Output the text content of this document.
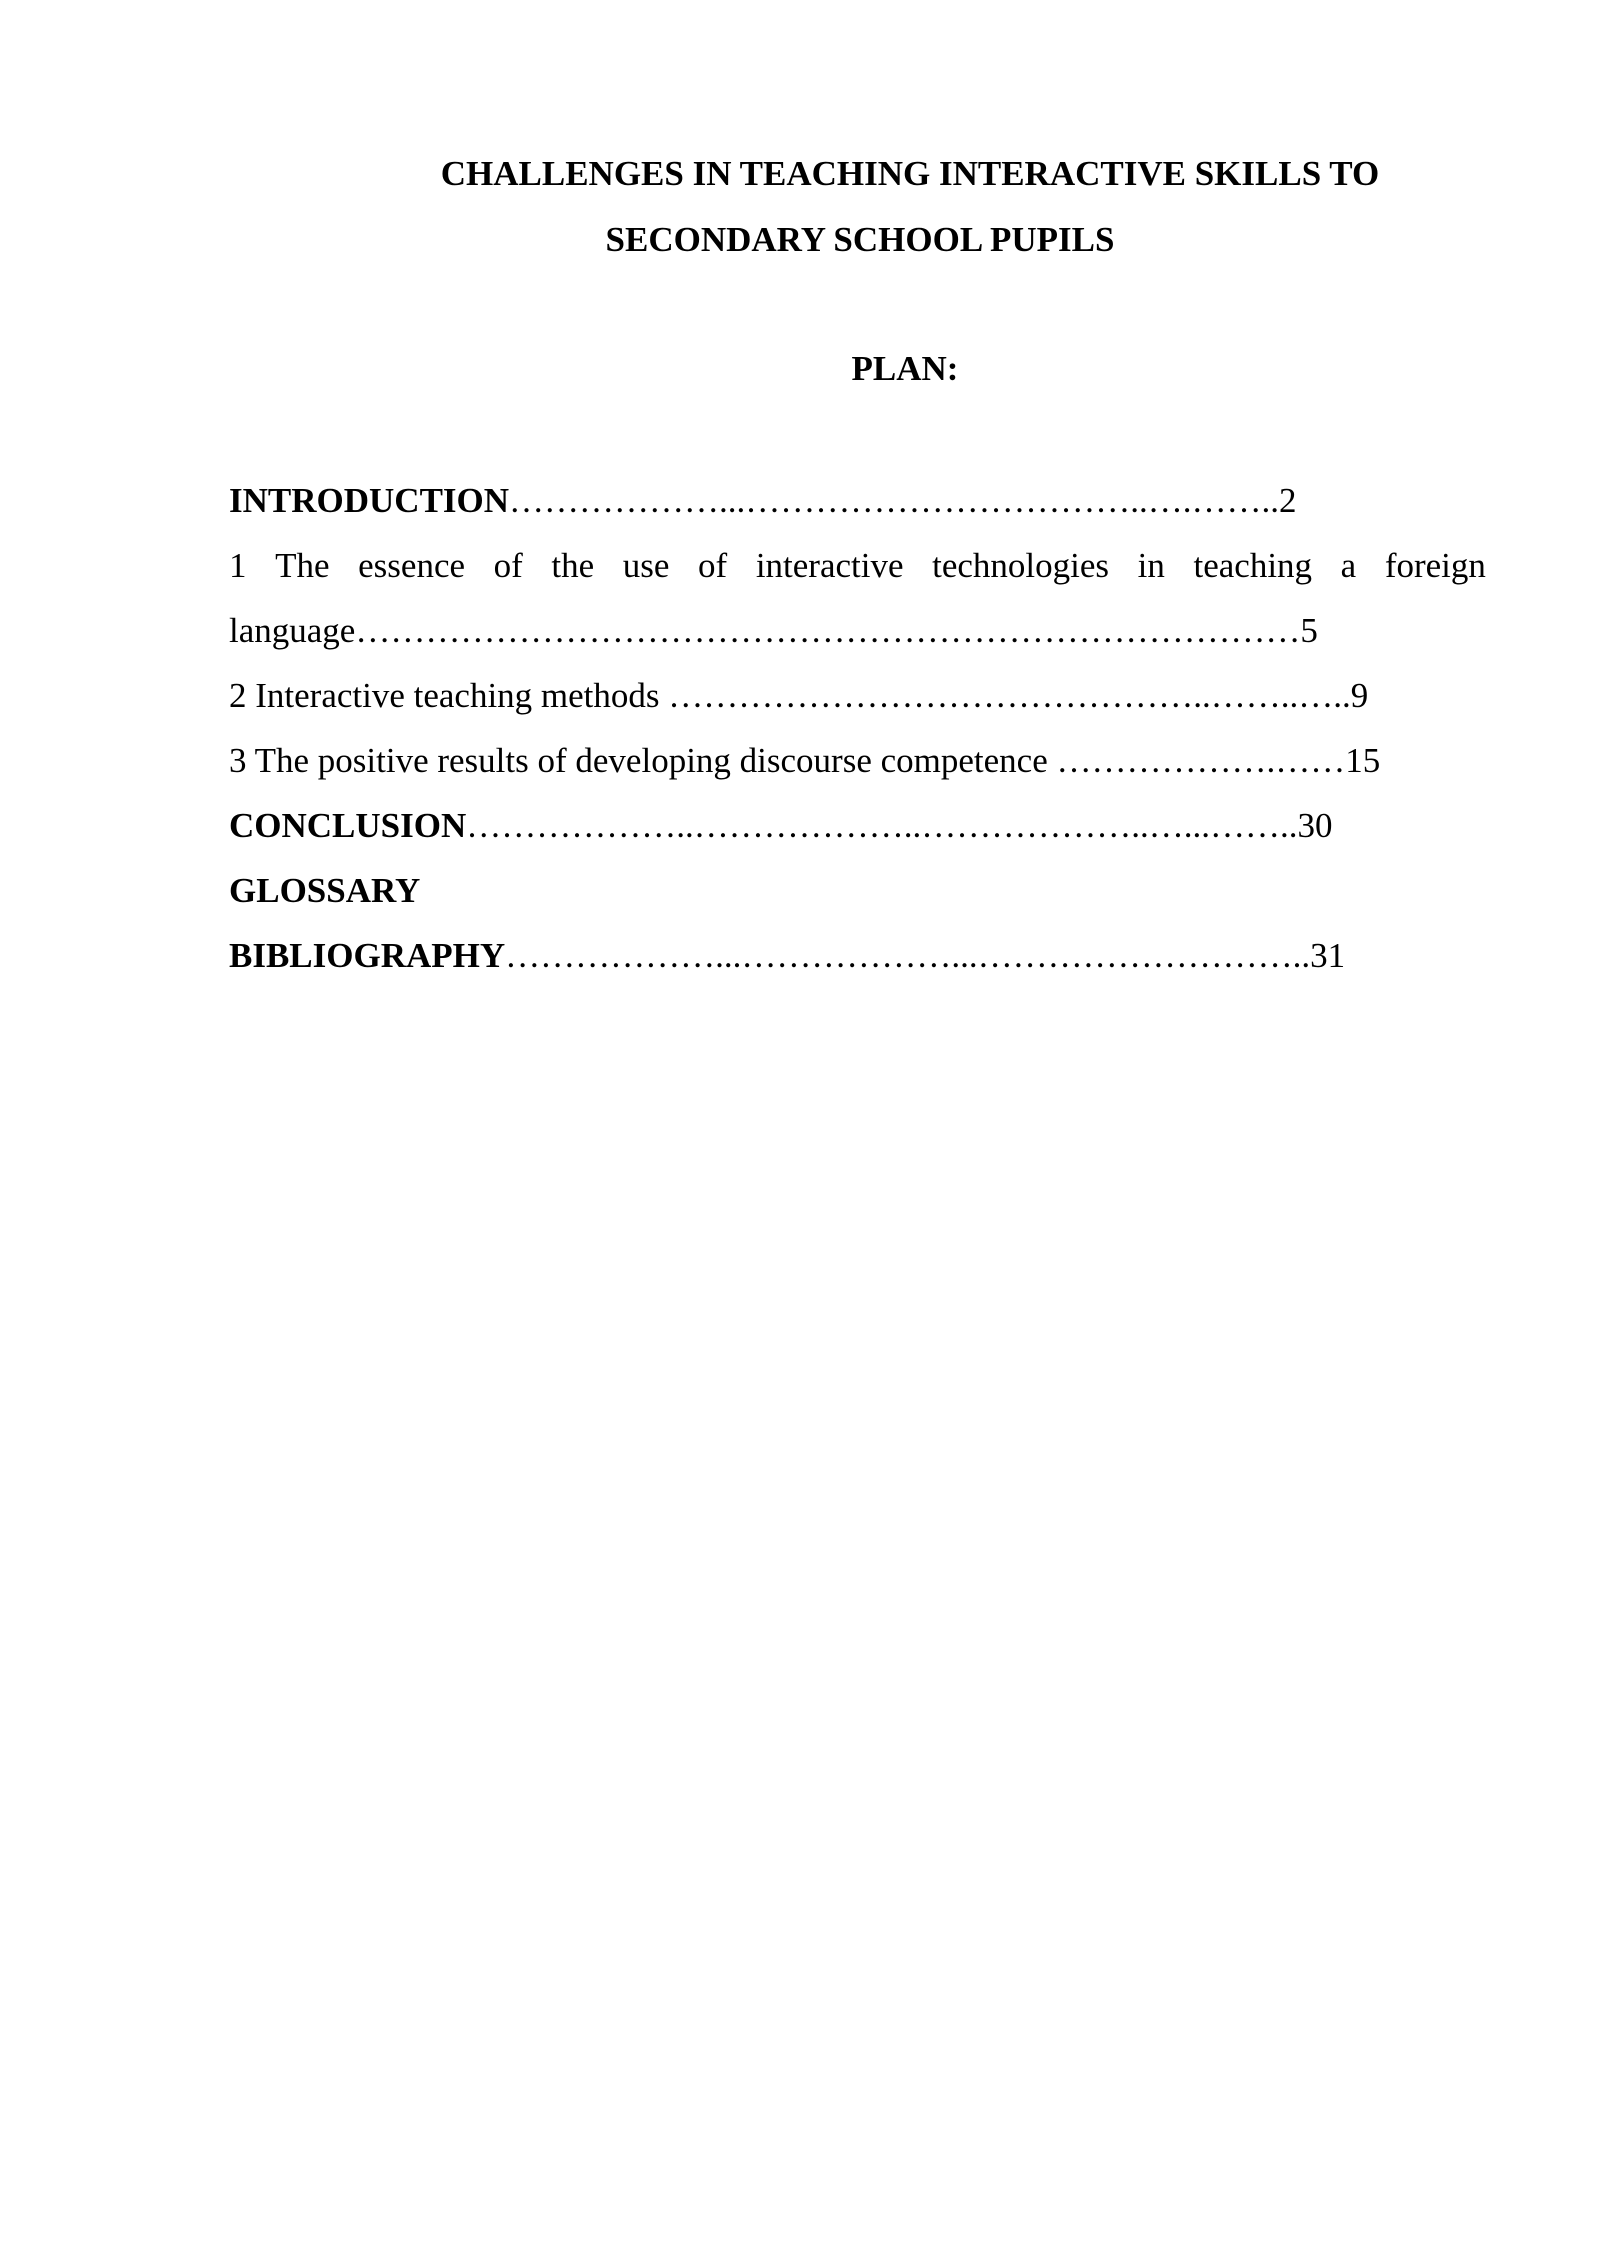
CHALLENGES IN TEACHING INTERACTIVE SKILLS TO
SECONDARY SCHOOL PUPILS
PLAN:
INTRODUCTION………………...……………………………..….……..2
1 The essence of the use of interactive technologies in teaching a foreign
language………………………………………………………………………5
2 Interactive teaching methods ………………………………………..……..…..9
3 The positive results of developing discourse competence ……………….……15
CONCLUSION………………..………………..………………..…...……..30
GLOSSARY
BIBLIOGRAPHY………………...………………...………………………..31
